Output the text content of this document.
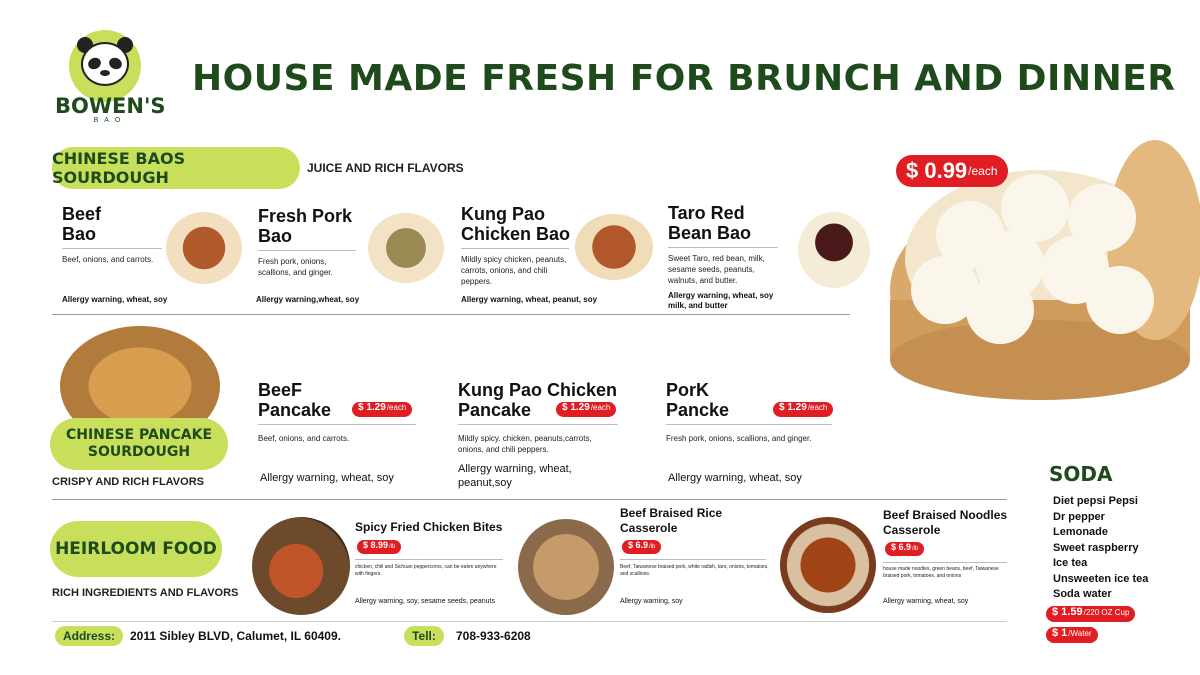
BOWEN'S
BAO
HOUSE MADE FRESH FOR BRUNCH AND DINNER
CHINESE BAOS SOURDOUGH	JUICE AND RICH FLAVORS
Beef Bao
Beef, onions, and carrots.
Allergy warning, wheat, soy
Fresh Pork Bao
Fresh pork, onions, scallions, and ginger.
Allergy warning,wheat, soy
Kung Pao Chicken Bao
Mildly spicy chicken, peanuts, carrots, onions, and chili peppers.
Allergy warning, wheat, peanut, soy
Taro Red Bean Bao
Sweet Taro, red bean, milk, sesame seeds, peanuts, walnuts, and butter.
Allergy warning, wheat, soy milk, and butter
$ 0.99 /each
CHINESE PANCAKE SOURDOUGH
CRISPY AND RICH FLAVORS
BeeF Pancake
Beef, onions, and carrots.
$ 1.29 /each
Allergy warning, wheat, soy
Kung Pao Chicken Pancake
Mildly spicy. chicken, peanuts,carrots, onions, and chili peppers.
$ 1.29 /each
Allergy warning, wheat, peanut,soy
PorK Pancke
Fresh pork, onions, scallions, and ginger.
$ 1.29 /each
Allergy warning, wheat, soy
HEIRLOOM FOOD
RICH INGREDIENTS AND FLAVORS
Spicy Fried Chicken Bites
$ 8.99 /lb
chicken, chili and Sichuan peppercorns, can be eaten anywhere with fingers.
Allergy warning, soy, sesame seeds, peanuts
Beef Braised Rice Casserole
$ 6.9 /lb
Beef, Taiwanese braised pork, white radish, taro, onions, tomatoes, and scallions.
Allergy warning, soy
Beef Braised Noodles Casserole
$ 6.9 /lb
house made noodles, green beans, beef, Taiwanese braised pork, tomatoes, and onions
Allergy warning, wheat, soy
SODA
Diet pepsi Pepsi
Dr pepper
Lemonade
Sweet raspberry
Ice tea
Unsweeten ice tea
Soda water
$ 1.59 /220 OZ Cup
$ 1 /Water
Address:	2011 Sibley BLVD, Calumet, IL 60409.	Tell:	708-933-6208
